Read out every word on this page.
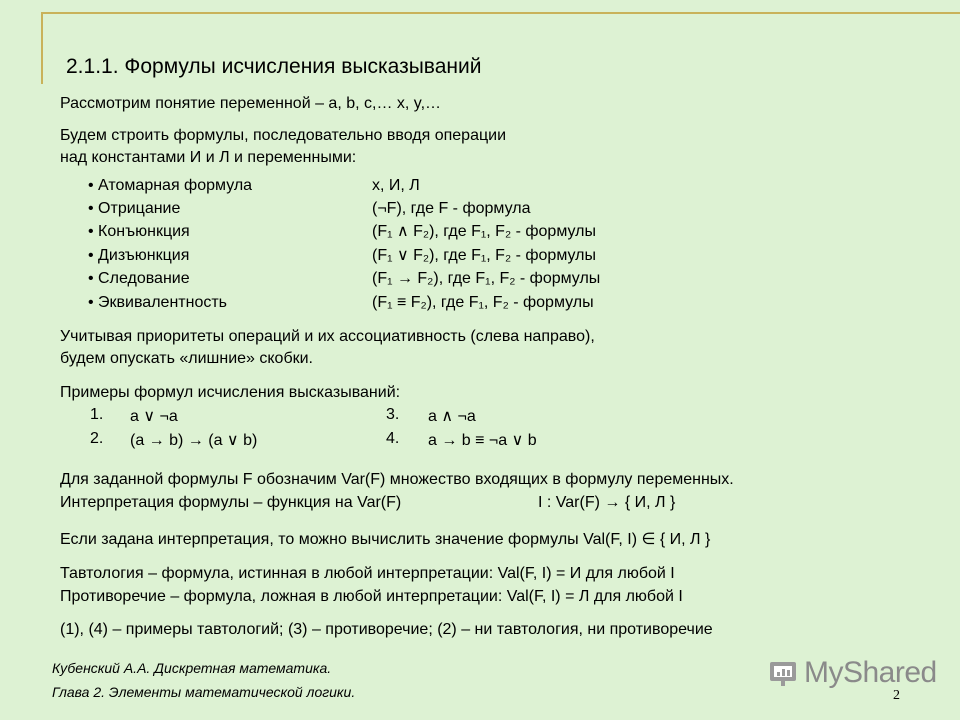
2.1.1. Формулы исчисления высказываний
Рассмотрим понятие переменной – a, b, c,… x, y,…
Будем строить формулы, последовательно вводя операции
над константами И и Л и переменными:
• Атомарная формула	x, И, Л
• Отрицание	(¬F), где F - формула
• Конъюнкция	(F₁ ∧ F₂), где F₁, F₂ - формулы
• Дизъюнкция	(F₁ ∨ F₂), где F₁, F₂ - формулы
• Следование	(F₁ → F₂), где F₁, F₂ - формулы
• Эквивалентность	(F₁ ≡ F₂), где F₁, F₂ - формулы
Учитывая приоритеты операций и их ассоциативность (слева направо),
будем опускать «лишние» скобки.
Примеры формул исчисления высказываний:
1. a ∨ ¬a
2. (a → b) → (a ∨ b)
3. a ∧ ¬a
4. a → b ≡ ¬a ∨ b
Для заданной формулы F обозначим Var(F) множество входящих в формулу переменных.
Интерпретация формулы – функция на Var(F)	I : Var(F) → { И, Л }
Если задана интерпретация, то можно вычислить значение формулы Val(F, I) ∈ { И, Л }
Тавтология – формула, истинная в любой интерпретации: Val(F, I) = И для любой I
Противоречие – формула, ложная в любой интерпретации: Val(F, I) = Л для любой I
(1), (4) – примеры тавтологий; (3) – противоречие; (2) – ни тавтология, ни противоречие
Кубенский А.А. Дискретная математика.
Глава 2. Элементы математической логики.
MyShared
2
